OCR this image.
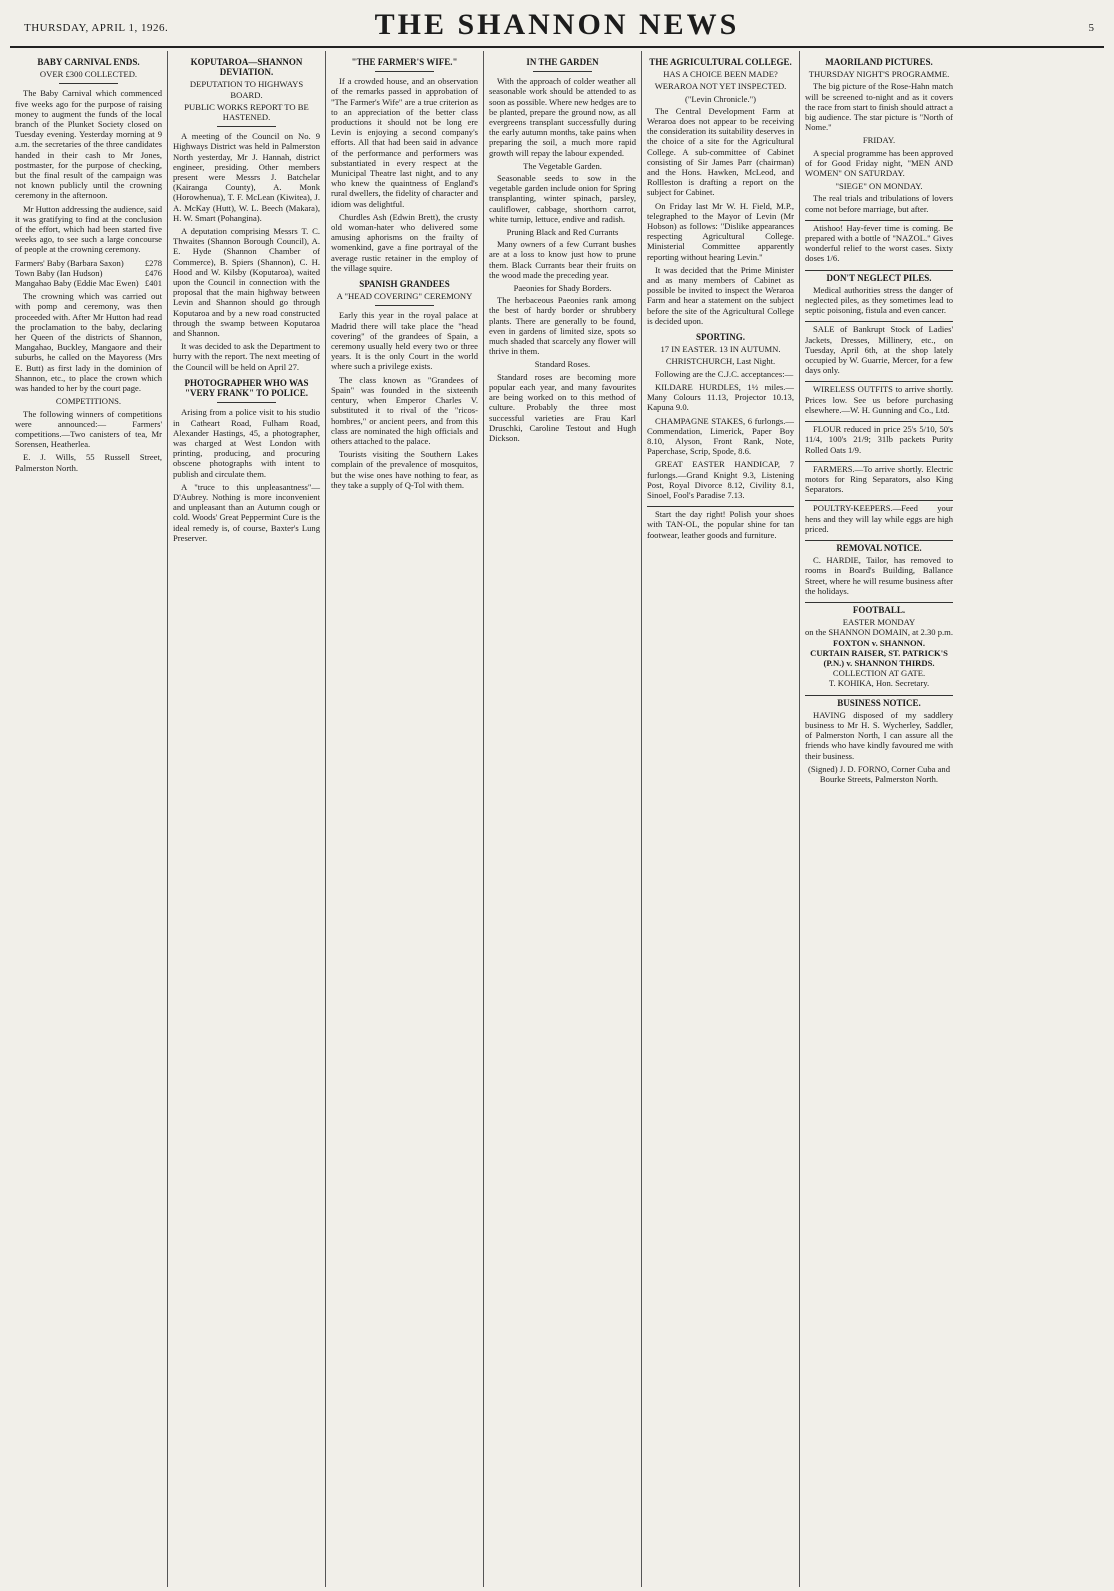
THURSDAY, APRIL 1, 1926.	THE SHANNON NEWS	5
BABY CARNIVAL ENDS.
OVER £300 COLLECTED.

The Baby Carnival which commenced five weeks ago for the purpose of raising money to augment the funds of the local branch of the Plunket Society closed on Tuesday evening. Yesterday morning at 9 a.m. the secretaries of the three candidates handed in their cash to Mr Jones, postmaster, for the purpose of checking, but the final result of the campaign was not known publicly until the crowning ceremony in the afternoon.

Mr Hutton addressing the audience, said it was gratifying to find at the conclusion of the effort, which had been started five weeks ago, to see such a large concourse of people at the crowning ceremony.

Farmers' Baby (Barbara Saxon) £278
Town Baby (Ian Hudson)	£476
Mangahao Baby (Eddie Mac Ewen) £401

The crowning which was carried out with pomp and ceremony, was then proceeded with. After Mr Hutton had read the proclamation to the baby, declaring her Queen of the districts of Shannon, Mangahao, Buckley, Mangaore and their suburbs, he called on the Mayoress (Mrs E. Butt) as first lady in the dominion of Shannon, etc., to place the crown which was handed to her by the court page.

COMPETITIONS.

The following winners of competitions were announced:— Farmers' competitions.—Two canisters of tea, Mr Sorensen, Heatherlea.

E. J. Wills, 55 Russell Street, Palmerston North.

KOPUTAROA—SHANNON DEVIATION.
DEPUTATION TO HIGHWAYS BOARD.
PUBLIC WORKS REPORT TO BE HASTENED.

A meeting of the Council on No. 9 Highways District was held in Palmerston North yesterday, Mr J. Hannah, district engineer, presiding. Other members present were Messrs J. Batchelar (Kairanga County), A. Monk (Horowhenua), T. F. McLean (Kiwitea), J. A. McKay (Hutt), W. L. Beech (Makara), H. W. Smart (Pohangina).

A deputation comprising Messrs T. C. Thwaites (Shannon Borough Council), A. E. Hyde (Shannon Chamber of Commerce), B. Spiers (Shannon), C. H. Hood and W. Kilsby (Koputaroa), waited upon the Council in connection with the proposal that the main highway between Levin and Shannon should go through Koputaroa and by a new road constructed through the swamp between Koputaroa and Shannon.

It was decided to ask the Department to hurry with the report. The next meeting of the Council will be held on April 27.

PHOTOGRAPHER WHO WAS "VERY FRANK" TO POLICE.

Arising from a police visit to his studio in Catheart Road, Fulham Road, Alexander Hastings, 45, a photographer, was charged at West London with printing, producing, and procuring obscene photographs with intent to publish and circulate them.

A "truce to this unpleasantness"—D'Aubrey. Nothing is more inconvenient and unpleasant than an Autumn cough or cold. Woods' Great Peppermint Cure is the ideal remedy is, of course, Baxter's Lung Preserver.

"THE FARMER'S WIFE."

If a crowded house, and an observation of the remarks passed in approbation of "The Farmer's Wife" are a true criterion as to an appreciation of the better class productions it should not be long ere Levin is enjoying a second company's efforts. All that had been said in advance of the performance and performers was substantiated in every respect at the Municipal Theatre last night, and to any who knew the quaintness of England's rural dwellers, the fidelity of character and idiom was delightful.

Churdles Ash (Edwin Brett), the crusty old woman-hater who delivered some amusing aphorisms on the frailty of womenkind, gave a fine portrayal of the average rustic retainer in the employ of the village squire.

SPANISH GRANDEES
A "HEAD COVERING" CEREMONY

Early this year in the royal palace at Madrid there will take place the "head covering" of the grandees of Spain, a ceremony usually held every two or three years. It is the only Court in the world where such a privilege exists.

The class known as "Grandees of Spain" was founded in the sixteenth century, when Emperor Charles V. substituted it to rival of the "ricos-hombres," or ancient peers, and from this class are nominated the high officials and others attached to the palace.

Tourists visiting the Southern Lakes complain of the prevalence of mosquitos, but the wise ones have nothing to fear, as they take a supply of Q-Tol with them.

IN THE GARDEN

With the approach of colder weather all seasonable work should be attended to as soon as possible. Where new hedges are to be planted, prepare the ground now, as all evergreens transplant successfully during the early autumn months, take pains when preparing the soil, a much more rapid growth will repay the labour expended.

The Vegetable Garden.

Seasonable seeds to sow in the vegetable garden include onion for Spring transplanting, winter spinach, parsley, cauliflower, cabbage, shorthorn carrot, white turnip, lettuce, endive and radish.

Pruning Black and Red Currants

Many owners of a few Currant bushes are at a loss to know just how to prune them. Black Currants bear their fruits on the wood made the preceding year.

Paeonies for Shady Borders.

The herbaceous Paeonies rank among the best of hardy border or shrubbery plants. There are generally to be found, even in gardens of limited size, spots so much shaded that scarcely any flower will thrive in them.

Standard Roses.

Standard roses are becoming more popular each year, and many favourites are being worked on to this method of culture. Probably the three most successful varieties are Frau Karl Druschki, Caroline Testout and Hugh Dickson.

THE AGRICULTURAL COLLEGE.
HAS A CHOICE BEEN MADE?
WERAROA NOT YET INSPECTED.
("Levin Chronicle.")

The Central Development Farm at Weraroa does not appear to be receiving the consideration its suitability deserves in the choice of a site for the Agricultural College. A sub-committee of Cabinet consisting of Sir James Parr (chairman) and the Hons. Hawken, McLeod, and Rollleston is drafting a report on the subject for Cabinet.

On Friday last Mr W. H. Field, M.P., telegraphed to the Mayor of Levin (Mr Hobson) as follows: "Dislike appearances respecting Agricultural College. Ministerial Committee apparently reporting without hearing Levin."

It was decided that the Prime Minister and as many members of Cabinet as possible be invited to inspect the Weraroa Farm and hear a statement on the subject before the site of the Agricultural College is decided upon.

SPORTING.
17 IN EASTER. 13 IN AUTUMN.
CHRISTCHURCH, Last Night.

Following are the C.J.C. acceptances:—

KILDARE HURDLES, 1½ miles.—Many Colours 11.13, Projector 10.13, Kapuna 9.0.

CHAMPAGNE STAKES, 6 furlongs.—Commendation, Limerick, Paper Boy 8.10, Alyson, Front Rank, Note, Paperchase, Scrip, Spode, 8.6.

GREAT EASTER HANDICAP, 7 furlongs.—Grand Knight 9.3, Listening Post, Royal Divorce 8.12, Civility 8.1, Sinoel, Fool's Paradise 7.13.

Start the day right! Polish your shoes with TAN-OL, the popular shine for tan footwear, leather goods and furniture.

MAORILAND PICTURES.
THURSDAY NIGHT'S PROGRAMME.

The big picture of the Rose-Hahn match will be screened to-night and as it covers the race from start to finish should attract a big audience. The star picture is "North of Nome."

FRIDAY.

A special programme has been approved of for Good Friday night, "MEN AND WOMEN" ON SATURDAY.

"SIEGE" ON MONDAY.

The real trials and tribulations of lovers come not before marriage, but after.

Atishoo! Hay-fever time is coming. Be prepared with a bottle of "NAZOL." Gives wonderful relief to the worst cases. Sixty doses 1/6.

DON'T NEGLECT PILES.

Medical authorities stress the danger of neglected piles, as they sometimes lead to septic poisoning, fistula and even cancer.

SALE of Bankrupt Stock of Ladies' Jackets, Dresses, Millinery, etc., on Tuesday, April 6th, at the shop lately occupied by W. Guarrie, Mercer, for a few days only.

WIRELESS OUTFITS to arrive shortly. Prices low. See us before purchasing elsewhere.—W. H. Gunning and Co., Ltd.

FLOUR reduced in price 25's 5/10, 50's 11/4, 100's 21/9; 31lb packets Purity Rolled Oats 1/9.

FARMERS.—To arrive shortly. Electric motors for Ring Separators, also King Separators.

POULTRY-KEEPERS.—Feed your hens and they will lay while eggs are high priced.

REMOVAL NOTICE.

C. HARDIE, Tailor, has removed to rooms in Board's Building, Ballance Street, where he will resume business after the holidays.

FOOTBALL.
EASTER MONDAY
on the SHANNON DOMAIN, at 2.30 p.m.
FOXTON v. SHANNON.
CURTAIN RAISER, ST. PATRICK'S (P.N.) v. SHANNON THIRDS.
COLLECTION AT GATE.
T. KOHIKA, Hon. Secretary.
BUSINESS NOTICE.

HAVING disposed of my saddlery business to Mr H. S. Wycherley, Saddler, of Palmerston North, I can assure all the friends who have kindly favoured me with their business.

(Signed) J. D. FORNO, Corner Cuba and Bourke Streets, Palmerston North.
